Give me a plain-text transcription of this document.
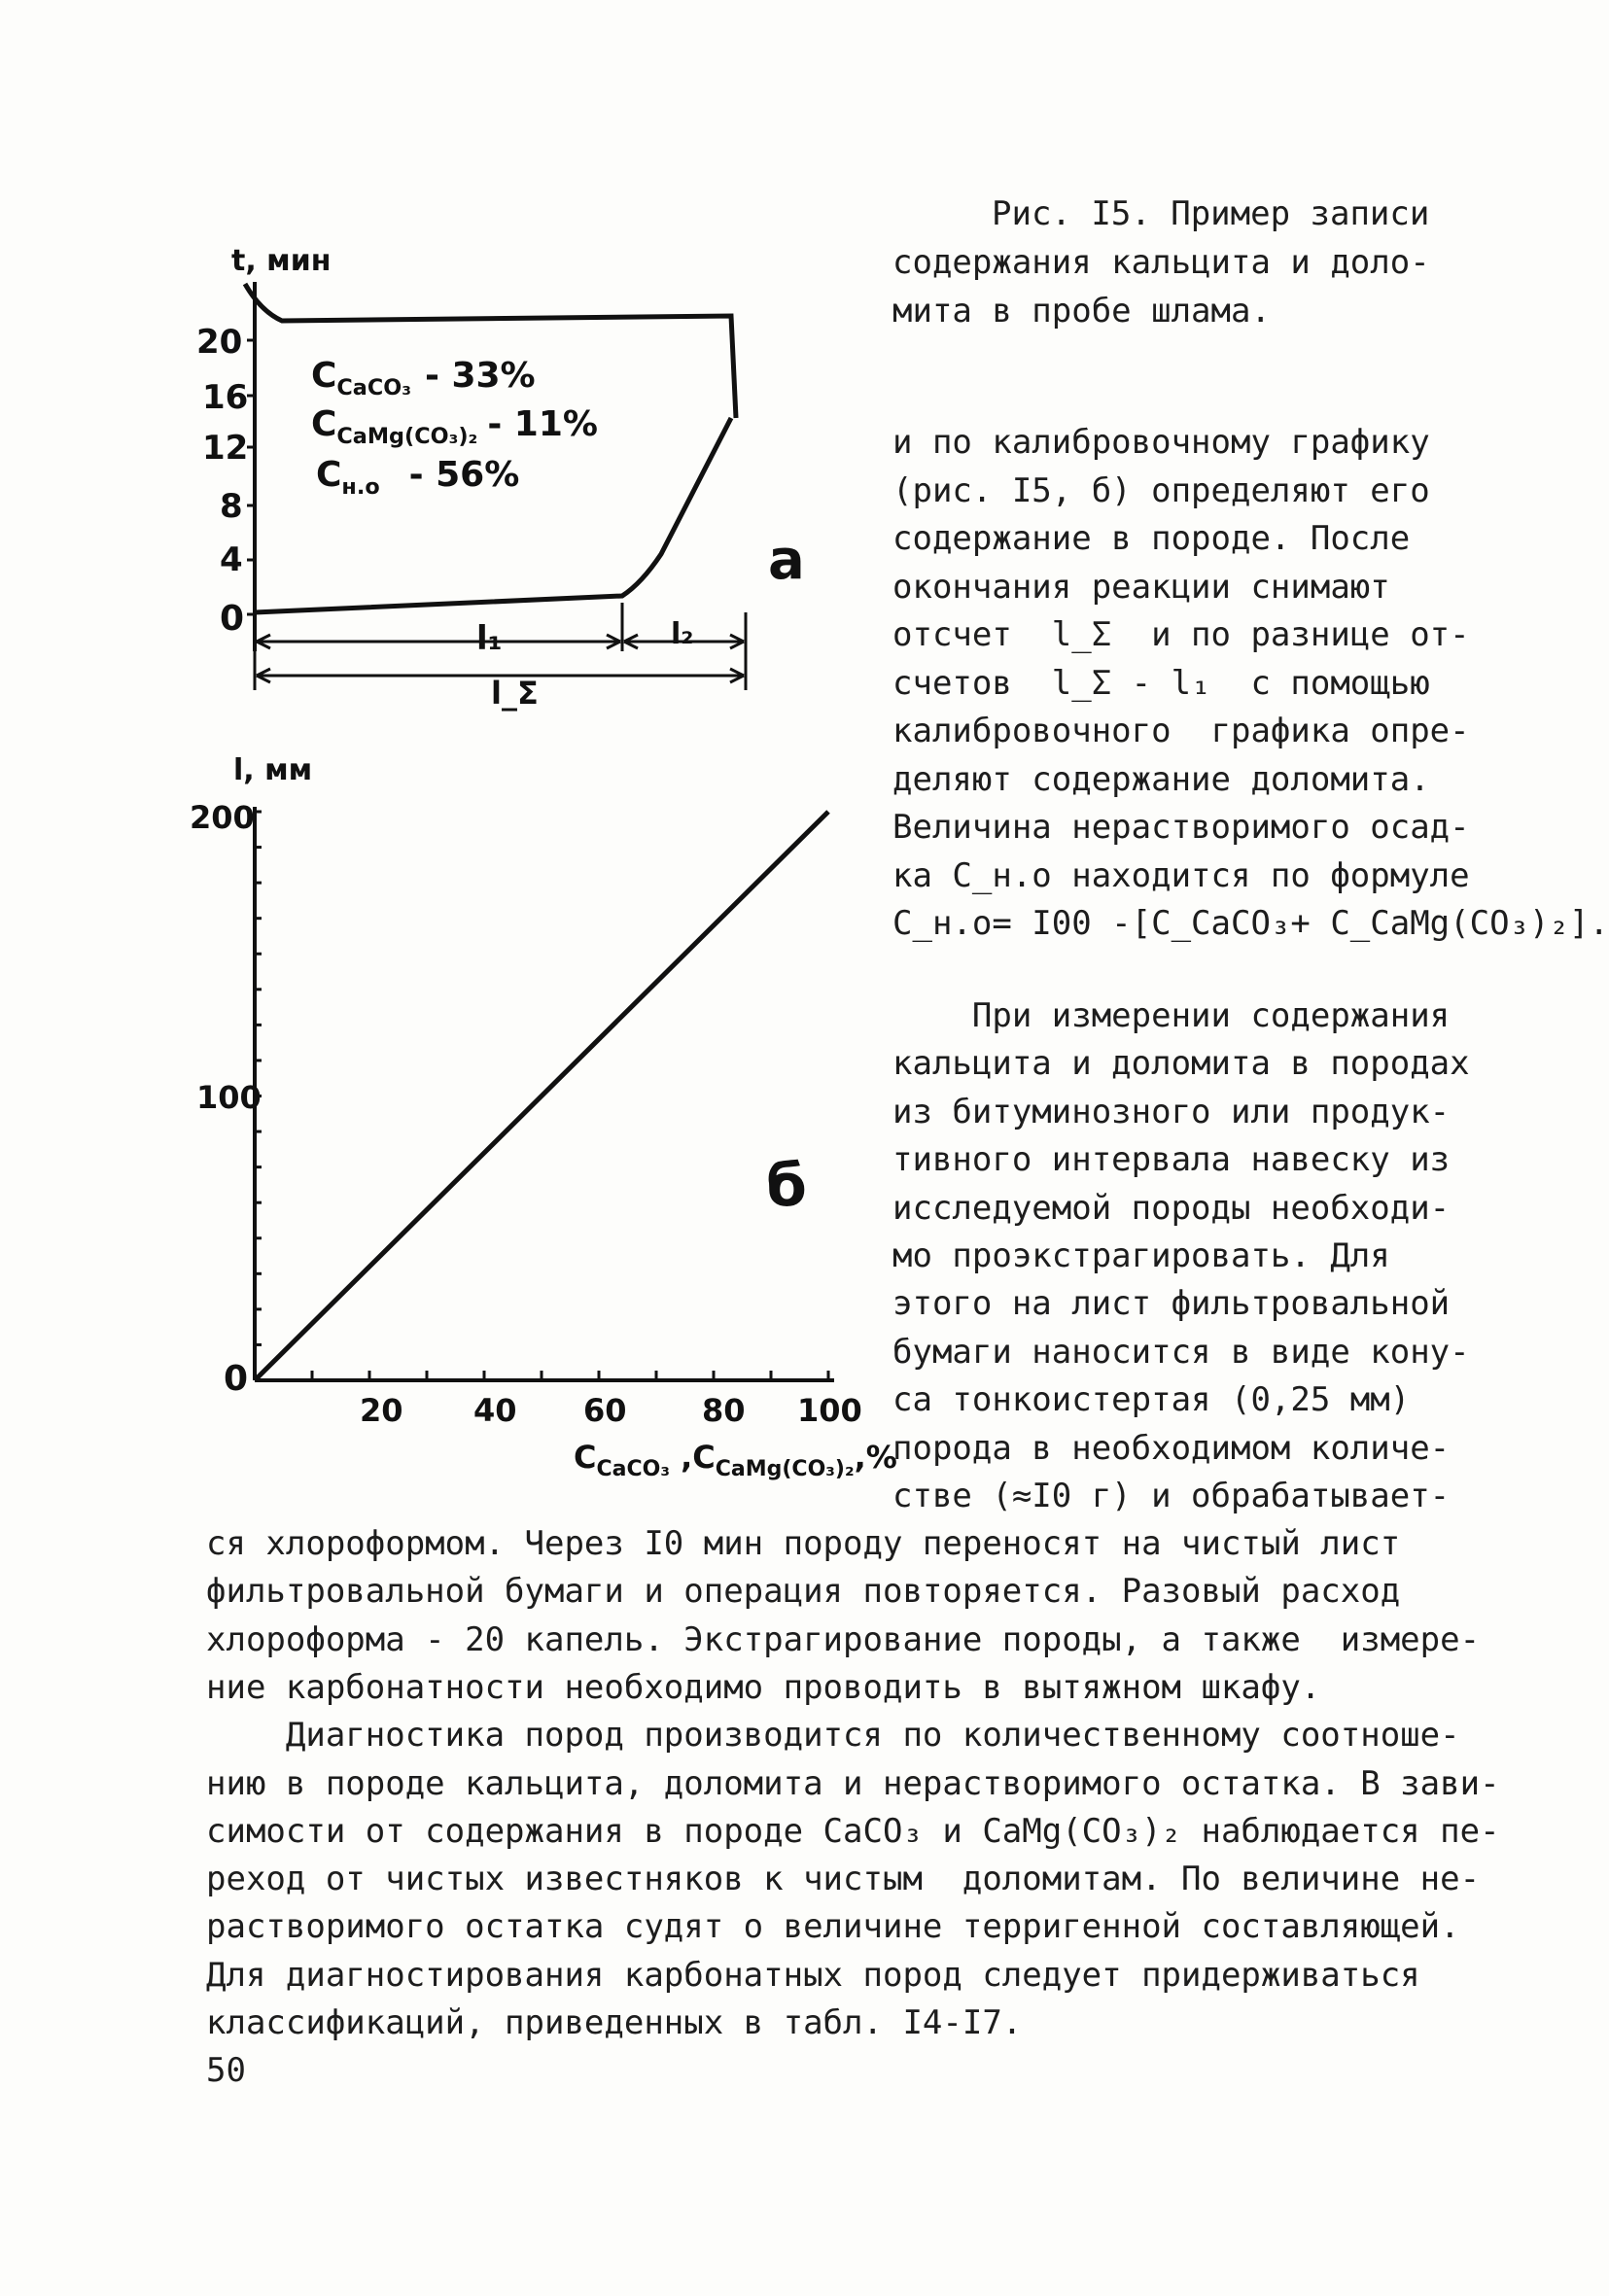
Рис. I5. Пример записи
содержания кальцита и доло-
мита в пробе шлама.
t, мин
20
16
12
8
4
0	l₁	l₂
l_Σ
$C_{CaCO_3} - 33\%$
$C_{CaMg(CO_3)_2} - 11\%$
$C_{н.о} - 56\%$
а
l, мм
200
100
0
20 40 60 80 100
б
$C_{CaCO_3}$ $,C_{CaMg(CO_3)_2},\%$
и по калибровочному графику
(рис. I5, б) определяют его
содержание в породе. После
окончания реакции снимают
отсчет  l_Σ  и по разнице от-
счетов  l_Σ - l₁  с помощью
калибровочного  графика опре-
деляют содержание доломита.
Величина нерастворимого осад-
ка C_н.о находится по формуле
C_н.о= I00 -[C_CaCO₃+ C_CaMg(CO₃)₂].
При измерении содержания
кальцита и доломита в породах
из битуминозного или продук-
тивного интервала навеску из
исследуемой породы необходи-
мо проэкстрагировать. Для
этого на лист фильтровальной
бумаги наносится в виде кону-
са тонкоистертая (0,25 мм)
порода в необходимом количе-
стве (≈I0 г) и обрабатывает-
ся хлороформом. Через I0 мин породу переносят на чистый лист
фильтровальной бумаги и операция повторяется. Разовый расход
хлороформа - 20 капель. Экстрагирование породы, а также  измере-
ние карбонатности необходимо проводить в вытяжном шкафу.
Диагностика пород производится по количественному соотноше-
нию в породе кальцита, доломита и нерастворимого остатка. В зави-
симости от содержания в породе CaCO₃ и CaMg(CO₃)₂ наблюдается пе-
реход от чистых известняков к чистым  доломитам. По величине не-
растворимого остатка судят о величине терригенной составляющей.
Для диагностирования карбонатных пород следует придерживаться
классификаций, приведенных в табл. I4-I7.
50
